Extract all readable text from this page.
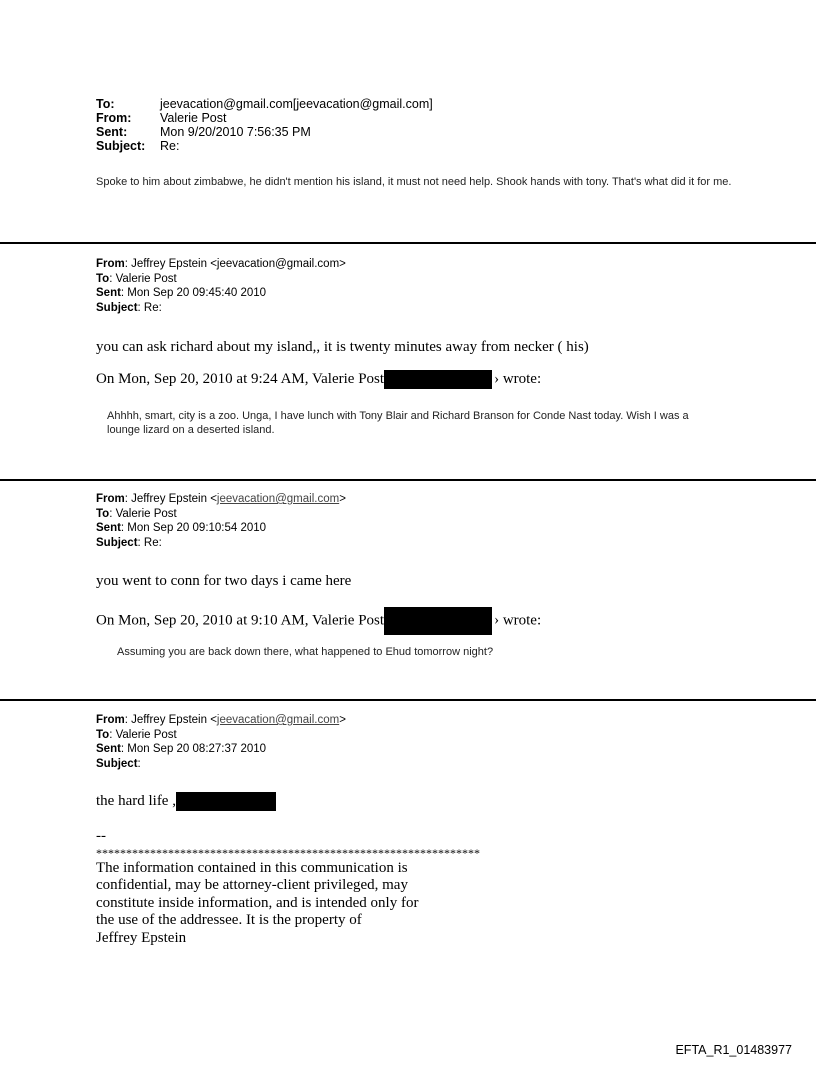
To:	jeevacation@gmail.com[jeevacation@gmail.com]
From:	Valerie Post
Sent:	Mon 9/20/2010 7:56:35 PM
Subject:	Re:
Spoke to him about zimbabwe, he didn't mention his island, it must not need help. Shook hands with tony. That's what did it for me.
From: Jeffrey Epstein <jeevacation@gmail.com>
To: Valerie Post
Sent: Mon Sep 20 09:45:40 2010
Subject: Re:
you can ask richard about my island,, it is twenty minutes away from necker ( his)
On Mon, Sep 20, 2010 at 9:24 AM, Valerie Post	› wrote:
Ahhhh, smart, city is a zoo. Unga, I have lunch with Tony Blair and Richard Branson for Conde Nast today. Wish I was a lounge lizard on a deserted island.
From: Jeffrey Epstein <jeevacation@gmail.com>
To: Valerie Post
Sent: Mon Sep 20 09:10:54 2010
Subject: Re:
you went to conn for two days i came here
On Mon, Sep 20, 2010 at 9:10 AM, Valerie Post	› wrote:
Assuming you are back down there, what happened to Ehud tomorrow night?
From: Jeffrey Epstein <jeevacation@gmail.com>
To: Valerie Post
Sent: Mon Sep 20 08:27:37 2010
Subject:
the hard life ,
--
****************************************************************
The information contained in this communication is
confidential, may be attorney-client privileged, may
constitute inside information, and is intended only for
the use of the addressee. It is the property of
Jeffrey Epstein
EFTA_R1_01483977
